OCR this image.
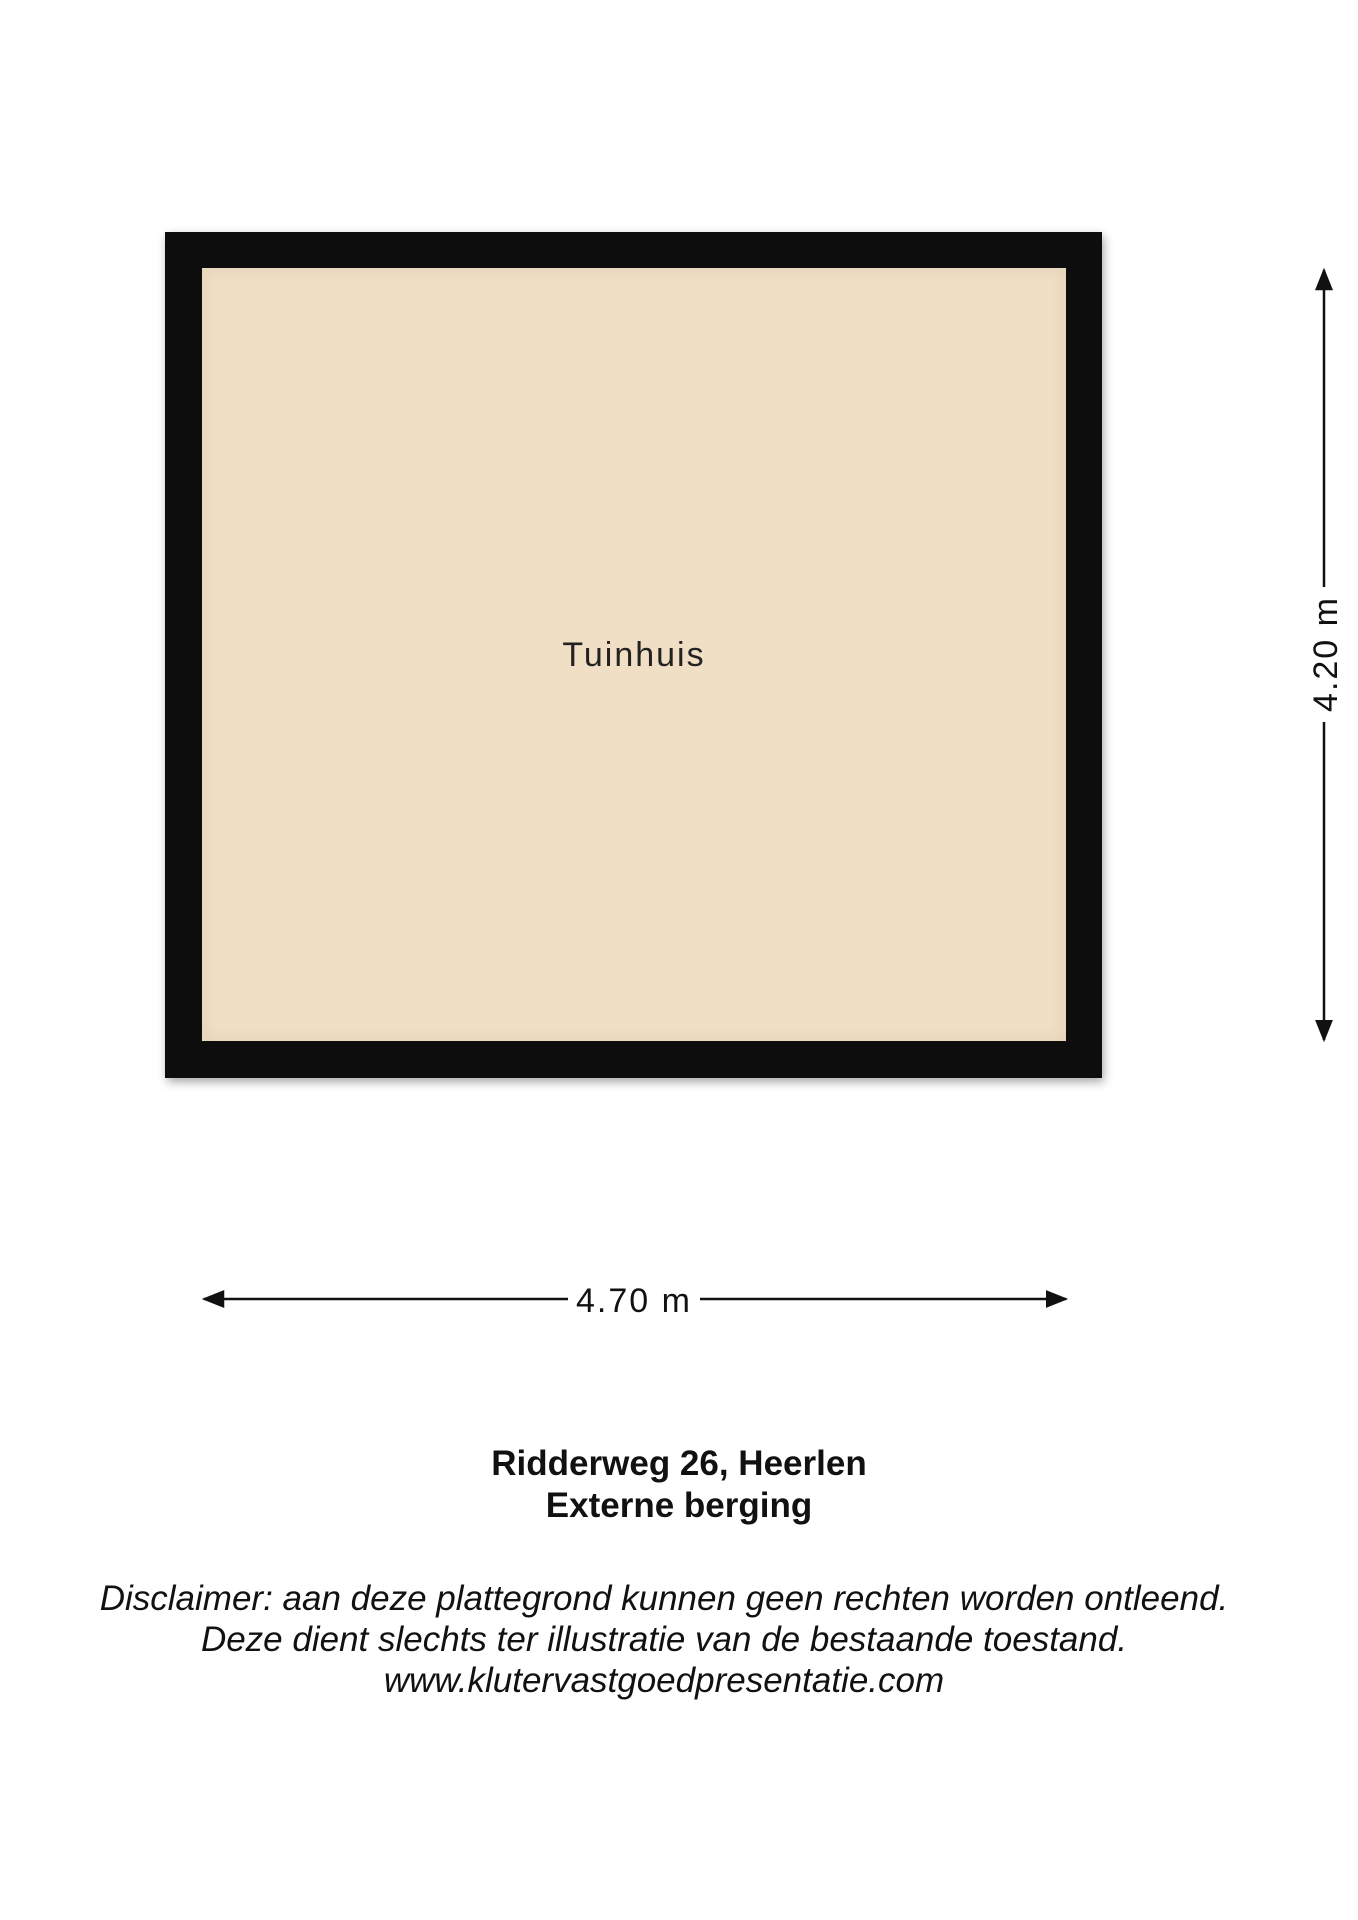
Tuinhuis
4.70 m
4.20 m
Ridderweg 26, Heerlen
Externe berging
Disclaimer: aan deze plattegrond kunnen geen rechten worden ontleend.
Deze dient slechts ter illustratie van de bestaande toestand.
www.klutervastgoedpresentatie.com
